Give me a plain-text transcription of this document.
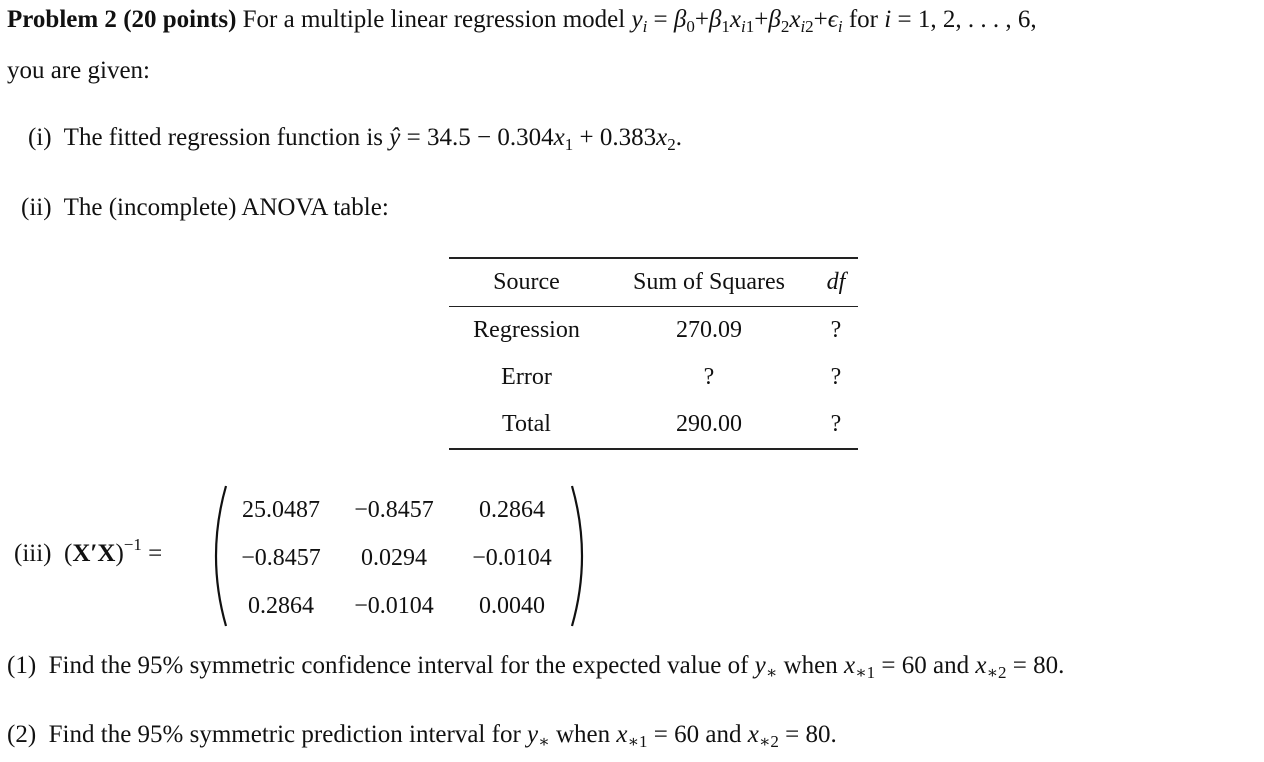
Problem 2 (20 points) For a multiple linear regression model $y_i = \beta_0+\beta_1x_{i1}+\beta_2x_{i2}+\epsilon_i$ for i = 1, 2, . . . , 6,
you are given:
(i) The fitted regression function is ŷ = $34.5 - 0.304x_1 + 0.383x_2$.
(ii) The (incomplete) ANOVA table:
Source	Sum of Squares	df
Regression	270.09	?
Error	?	?
Total	290.00	?
(iii) $(X'X)^{-1}$ =
25.0487	−0.8457	0.2864
−0.8457	0.0294	−0.0104
0.2864	−0.0104	0.0040
(1) Find the 95% symmetric confidence interval for the expected value of $y_∗$ when $x_{∗1} = 60$ and $x_{∗2} = 80$.
(2) Find the 95% symmetric prediction interval for $y_∗$ when $x_{∗1} = 60$ and $x_{∗2} = 80$.
